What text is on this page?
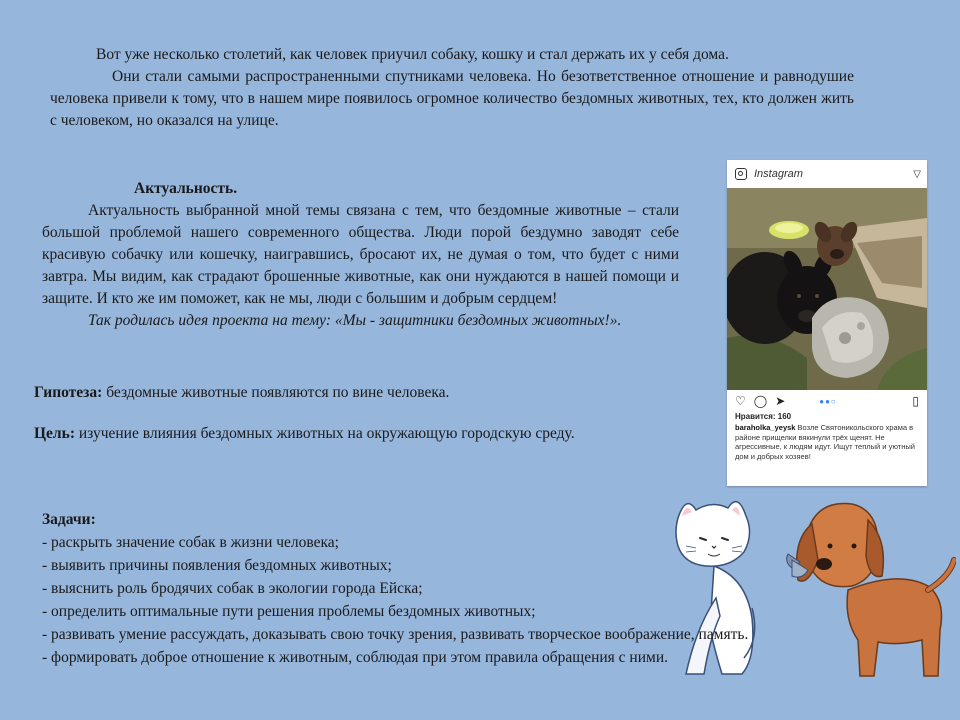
Вот уже несколько столетий, как человек приучил собаку, кошку и стал держать их у себя дома.

Они стали самыми распространенными спутниками человека. Но безответственное отношение и равнодушие человека привели к тому, что в нашем мире появилось огромное количество бездомных животных, тех, кто должен жить с человеком, но оказался на улице.

Актуальность.

Актуальность выбранной мной темы связана с тем, что бездомные животные – стали большой проблемой нашего современного общества. Люди порой бездумно заводят себе красивую собачку или кошечку, наигравшись, бросают их, не думая о том, что будет с ними завтра. Мы видим, как страдают брошенные животные, как они нуждаются в нашей помощи и защите. И кто же им поможет, как не мы, люди с большим и добрым сердцем!

Так родилась идея проекта на тему: «Мы - защитники бездомных животных!».

Гипотеза: бездомные животные появляются по вине человека.
Цель: изучение влияния бездомных животных на окружающую городскую среду.
Instagram	▽
♡ ◯ ➤	●●○	▯
Нравится: 160
baraholka_yeysk Возле Святоникольского храма в районе прищелки вякинули трёх щенят. Не агрессивные, к людям идут. Ищут теплый и уютный дом и добрых хозяев!

Задачи:

- раскрыть значение собак в жизни человека;
- выявить причины появления бездомных животных;
- выяснить роль бродячих собак в экологии города Ейска;
- определить оптимальные пути решения проблемы бездомных животных;
- развивать умение рассуждать, доказывать свою точку зрения, развивать творческое воображение, память.
- формировать доброе отношение к животным, соблюдая при этом правила обращения с ними.
